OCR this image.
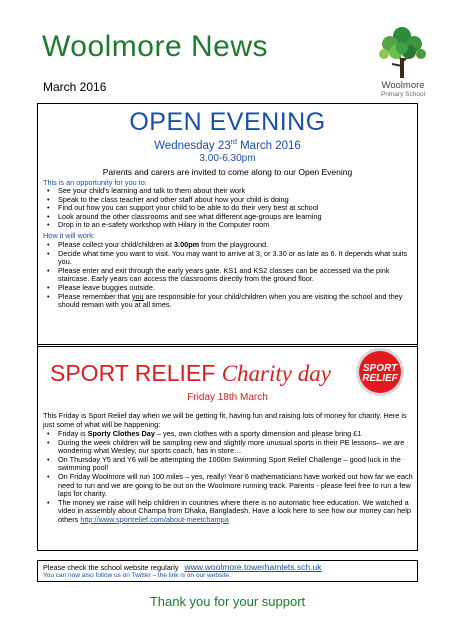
Woolmore News
March 2016	Woolmore
Primary School
OPEN EVENING
Wednesday 23rd March 2016
3.00-6.30pm
Parents and carers are invited to come along to our Open Evening
This is an opportunity for you to:
• See your child's learning and talk to them about their work
• Speak to the class teacher and other staff about how your child is doing
• Find out how you can support your child to be able to do their very best at school
• Look around the other classrooms and see what different age-groups are learning
• Drop in to an e-safety workshop with Hilary in the Computer room
How it will work:
• Please collect your child/children at 3.00pm from the playground.
• Decide what time you want to visit. You may want to arrive at 3, or 3.30 or as late as 6. It depends what suits you.
• Please enter and exit through the early years gate. KS1 and KS2 classes can be accessed via the pink staircase. Early years can access the classrooms directly from the ground floor.
• Please leave buggies outside.
• Please remember that you are responsible for your child/children when you are visiting the school and they should remain with you at all times.
SPORT RELIEF Charity day	SPORT
RELIEF
Friday 18th March
This Friday is Sport Relief day when we will be getting fit, having fun and raising lots of money for charity. Here is just some of what will be happening:
• Friday is Sporty Clothes Day – yes, own clothes with a sporty dimension and please bring £1
• During the week children will be sampling new and slightly more unusual sports in their PE lessons– we are wondering what Wesley, our sports coach, has in store…
• On Thursday Y5 and Y6 will be attempting the 1000m Swimming Sport Relief Challenge – good luck in the swimming pool!
• On Friday Woolmore will run 100 miles – yes, really! Year 6 mathematicians have worked out how far we each need to run and we are going to be out on the Woolmore running track. Parents - please feel free to run a few laps for charity.
• The money we raise will help children in countries where there is no automatic free education. We watched a video in assembly about Champa from Dhaka, Bangladesh. Have a look here to see how our money can help others http://www.sportrelief.com/about-meetchampa
Please check the school website regularly www.woolmore.towerhamlets.sch.uk
You can now also follow us on Twitter – the link is on our website.
Thank you for your support
